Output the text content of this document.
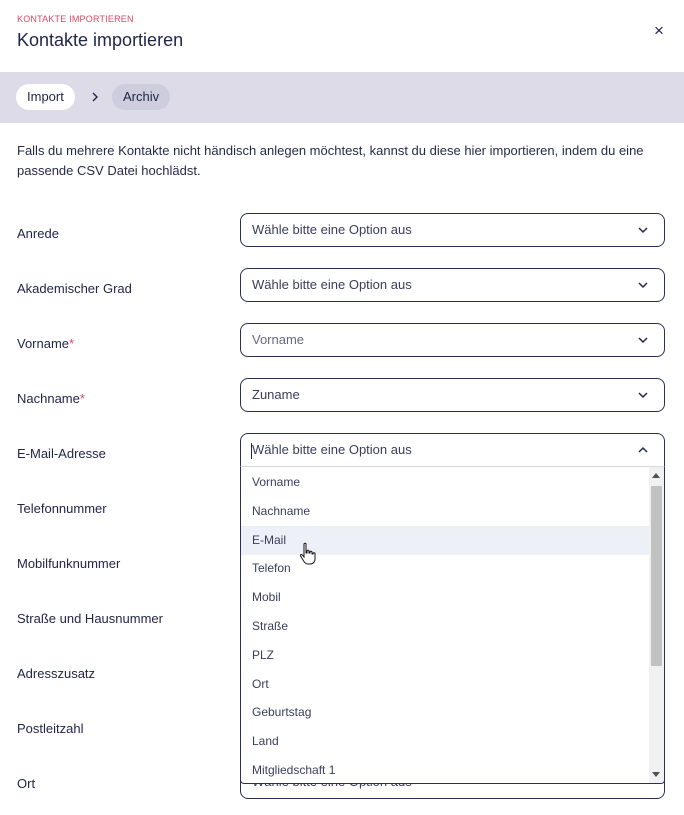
KONTAKTE IMPORTIEREN
Kontakte importieren	×
Import	Archiv
Falls du mehrere Kontakte nicht händisch anlegen möchtest, kannst du diese hier importieren, indem du eine passende CSV Datei hochlädst.
Anrede
Akademischer Grad
Vorname*
Nachname*
E-Mail-Adresse
Telefonnummer
Mobilfunknummer
Straße und Hausnummer
Adresszusatz
Postleitzahl
Ort
Wähle bitte eine Option aus
Wähle bitte eine Option aus
Vorname
Zuname
Wähle bitte eine Option aus
Vorname
Nachname
E-Mail
Telefon
Mobil
Straße
PLZ
Ort
Geburtstag
Land
Mitgliedschaft 1
